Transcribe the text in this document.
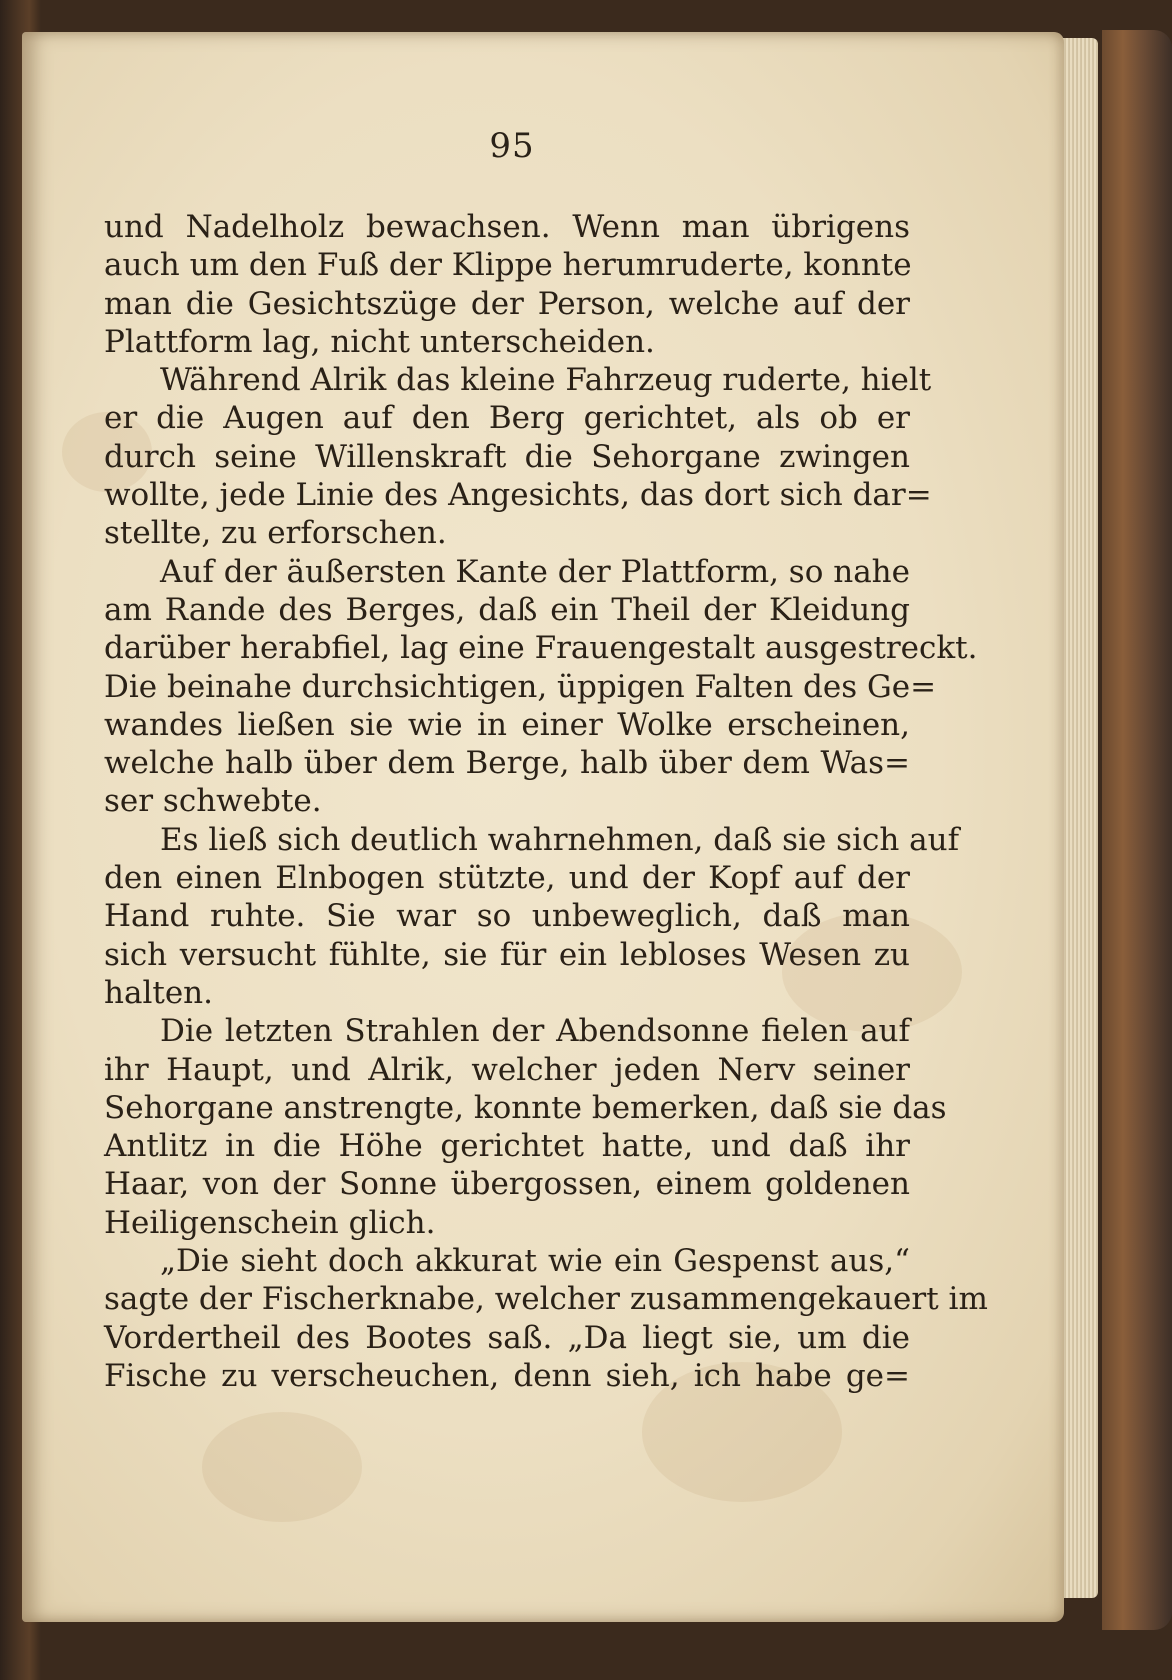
95
und Nadelholz bewachsen. Wenn man übrigens
auch um den Fuß der Klippe herumruderte, konnte
man die Gesichtszüge der Person, welche auf der
Plattform lag, nicht unterscheiden.
Während Alrik das kleine Fahrzeug ruderte, hielt
er die Augen auf den Berg gerichtet, als ob er
durch seine Willenskraft die Sehorgane zwingen
wollte, jede Linie des Angesichts, das dort sich dar=
stellte, zu erforschen.
Auf der äußersten Kante der Plattform, so nahe
am Rande des Berges, daß ein Theil der Kleidung
darüber herabfiel, lag eine Frauengestalt ausgestreckt.
Die beinahe durchsichtigen, üppigen Falten des Ge=
wandes ließen sie wie in einer Wolke erscheinen,
welche halb über dem Berge, halb über dem Was=
ser schwebte.
Es ließ sich deutlich wahrnehmen, daß sie sich auf
den einen Elnbogen stützte, und der Kopf auf der
Hand ruhte. Sie war so unbeweglich, daß man
sich versucht fühlte, sie für ein lebloses Wesen zu
halten.
Die letzten Strahlen der Abendsonne fielen auf
ihr Haupt, und Alrik, welcher jeden Nerv seiner
Sehorgane anstrengte, konnte bemerken, daß sie das
Antlitz in die Höhe gerichtet hatte, und daß ihr
Haar, von der Sonne übergossen, einem goldenen
Heiligenschein glich.
„Die sieht doch akkurat wie ein Gespenst aus,“
sagte der Fischerknabe, welcher zusammengekauert im
Vordertheil des Bootes saß. „Da liegt sie, um die
Fische zu verscheuchen, denn sieh, ich habe ge=
